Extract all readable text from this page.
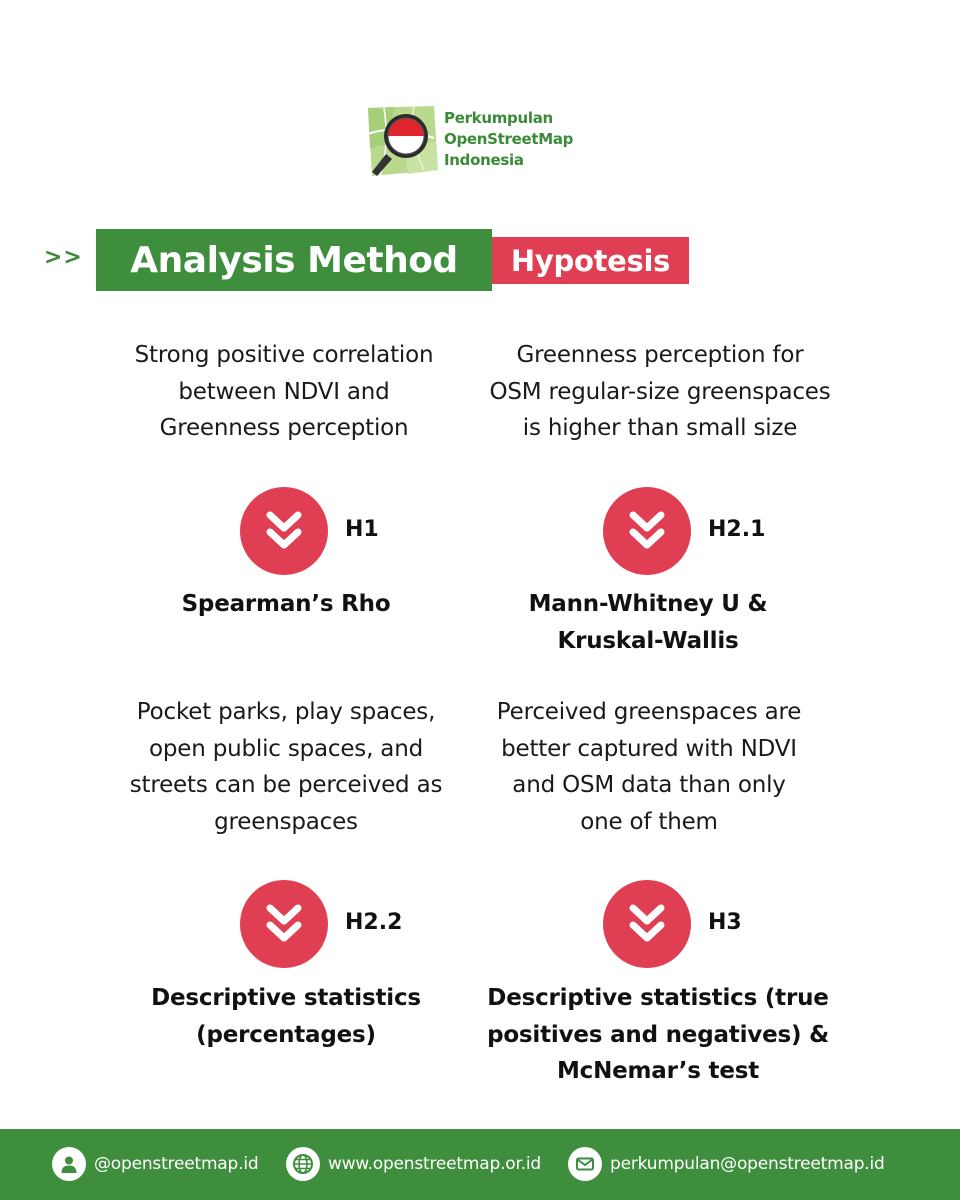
Perkumpulan
OpenStreetMap
Indonesia
>> Analysis Method Hypotesis
Strong positive correlation
between NDVI and
Greenness perception
H1
Spearman’s Rho
Greenness perception for
OSM regular-size greenspaces
is higher than small size
H2.1
Mann-Whitney U &
Kruskal-Wallis
Pocket parks, play spaces,
open public spaces, and
streets can be perceived as
greenspaces
H2.2
Descriptive statistics
(percentages)
Perceived greenspaces are
better captured with NDVI
and OSM data than only
one of them
H3
Descriptive statistics (true
positives and negatives) &
McNemar’s test
@openstreetmap.id	www.openstreetmap.or.id	perkumpulan@openstreetmap.id
